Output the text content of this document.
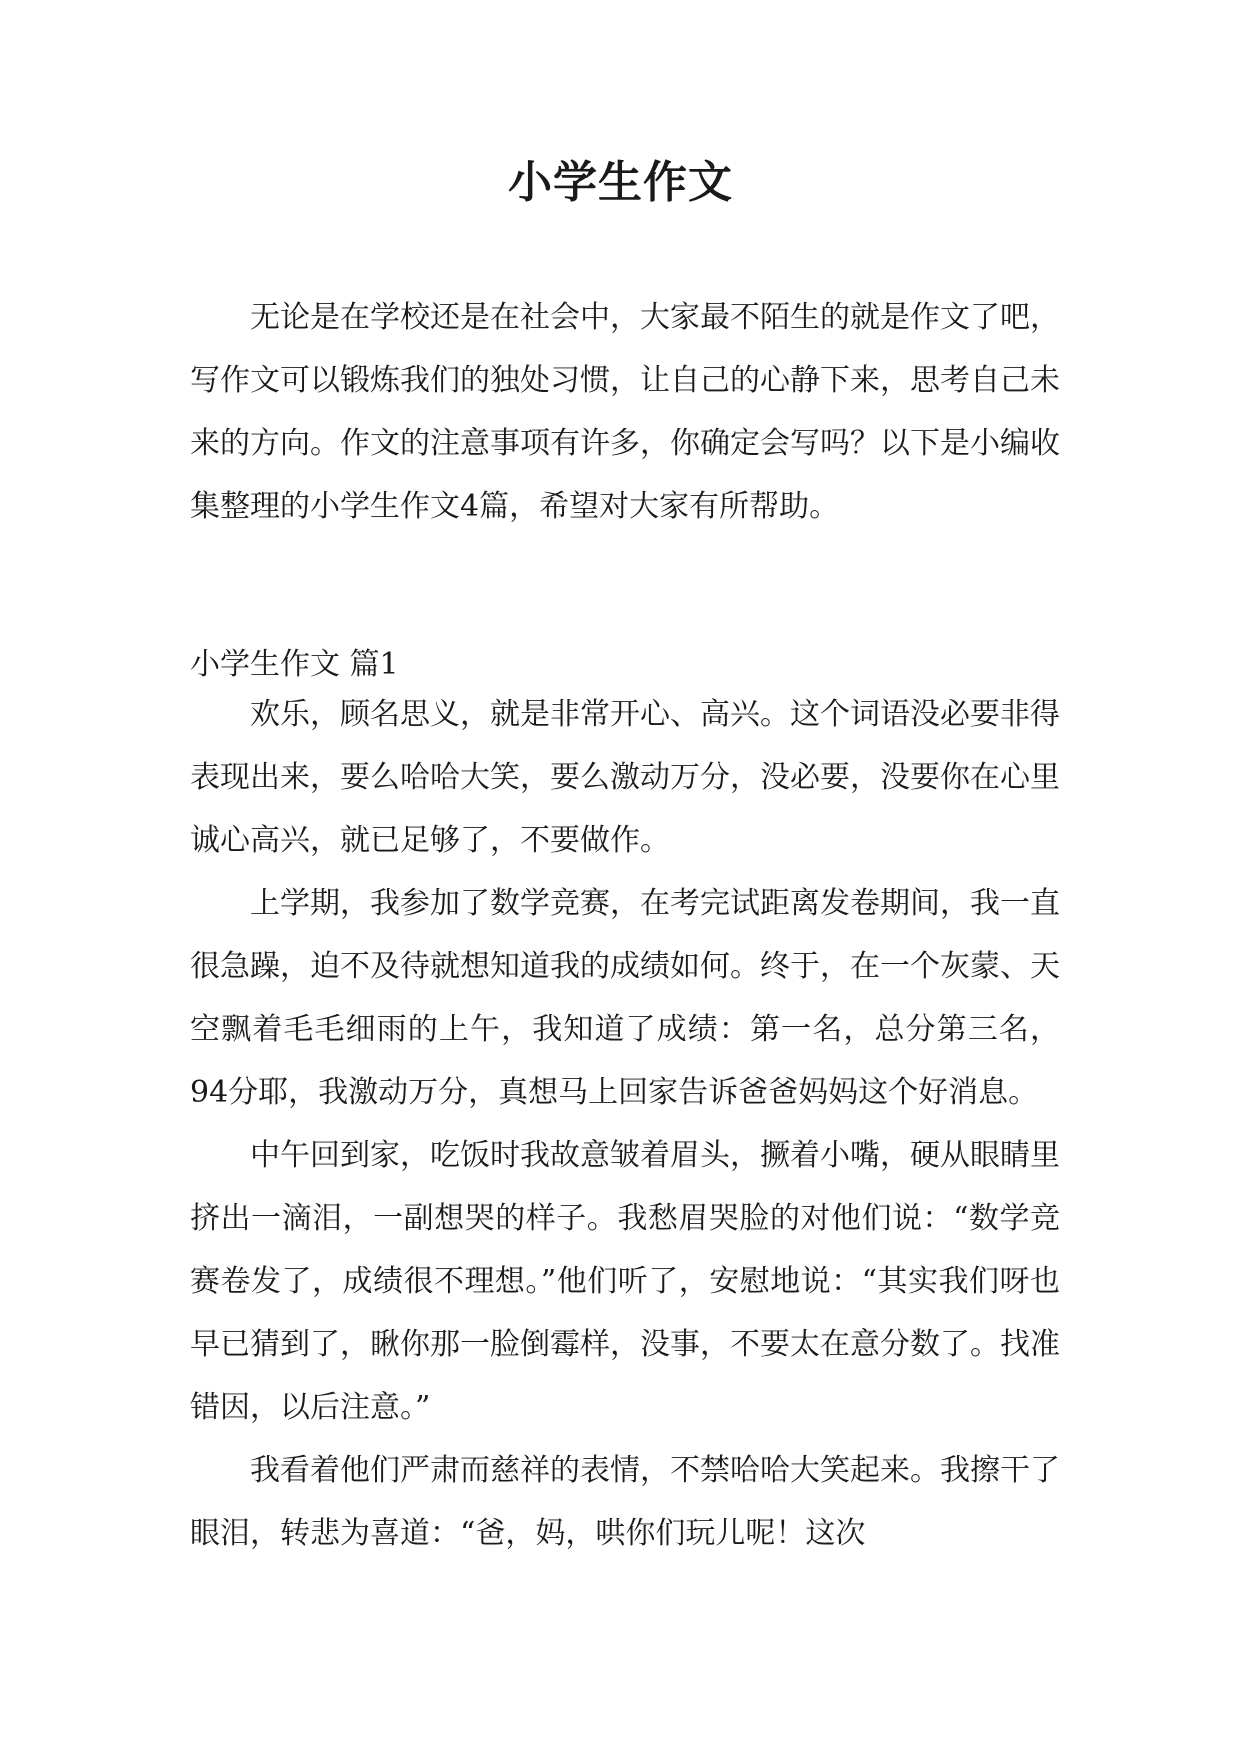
小学生作文

无论是在学校还是在社会中，大家最不陌生的就是作文了吧，写作文可以锻炼我们的独处习惯，让自己的心静下来，思考自己未来的方向。作文的注意事项有许多，你确定会写吗？以下是小编收集整理的小学生作文4篇，希望对大家有所帮助。

小学生作文 篇1

欢乐，顾名思义，就是非常开心、高兴。这个词语没必要非得表现出来，要么哈哈大笑，要么激动万分，没必要，没要你在心里诚心高兴，就已足够了，不要做作。

上学期，我参加了数学竞赛，在考完试距离发卷期间，我一直很急躁，迫不及待就想知道我的成绩如何。终于，在一个灰蒙、天空飘着毛毛细雨的上午，我知道了成绩：第一名，总分第三名，94分耶，我激动万分，真想马上回家告诉爸爸妈妈这个好消息。

中午回到家，吃饭时我故意皱着眉头，撅着小嘴，硬从眼睛里挤出一滴泪，一副想哭的样子。我愁眉哭脸的对他们说：“数学竞赛卷发了，成绩很不理想。”他们听了，安慰地说：“其实我们呀也早已猜到了，瞅你那一脸倒霉样，没事，不要太在意分数了。找准错因，以后注意。”

我看着他们严肃而慈祥的表情，不禁哈哈大笑起来。我擦干了眼泪，转悲为喜道：“爸，妈，哄你们玩儿呢！这次
